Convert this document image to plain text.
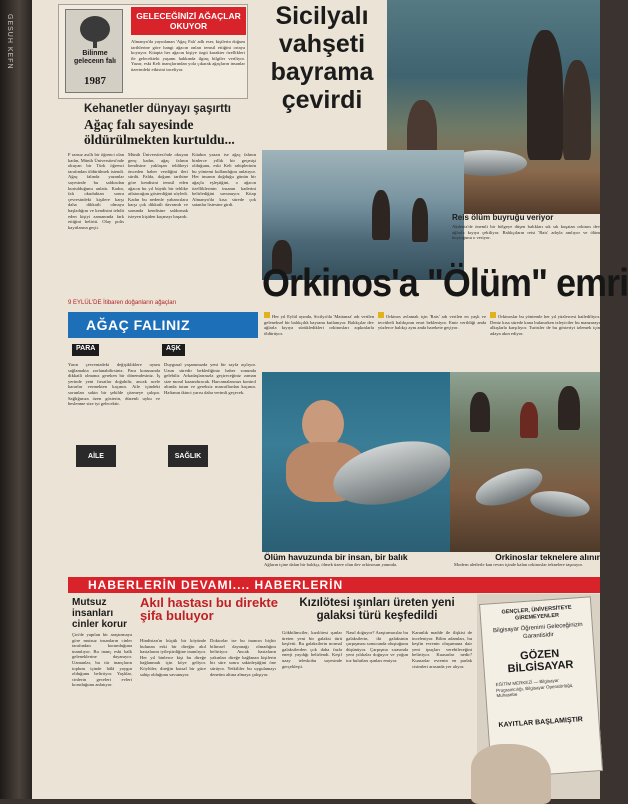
GESUH KEFN	Bilinme geleceıın falı
1987
GELECEĞİNİZİ AĞAÇLAR OKUYOR
Almanya'da yayınlanan 'Ağaç Falı' adlı eser, kişilerin doğum tarihlerine göre hangi ağacın onları temsil ettiğini ortaya koyuyor. Kitapta her ağacın kişiye özgü karakter özellikleri ile gelecekteki yaşamı hakkında ilginç bilgiler veriliyor. Yazar, eski Kelt inançlarından yola çıkarak ağaçların insanlar üzerindeki etkisini inceliyor.
Kehanetler dünyayı şaşırttı
Ağaç falı sayesinde öldürülmekten kurtuldu...
F ransız asıllı bir öğrenci olan kadın, Münih Üniversitesi'nde okuyan bir Türk öğrenci tarafından öldürülmek istendi. Ağaç falında yazanlar sayesinde bu saldırıdan kurtulduğunu anlattı. Kadın, falı okuduktan sonra çevresindeki kişilere karşı daha dikkatli olmaya başladığını ve kendisini tehdit eden kişiyi zamanında fark ettiğini belirtti. Olay polis kayıtlarına geçti.
Münih Üniversitesi'nde okuyan genç kadın, ağaç falının kendisine yaklaşan tehlikeyi önceden haber verdiğini ileri sürdü. Falda, doğum tarihine göre kendisini temsil eden ağacın bu yıl büyük bir tehlike atlatacağını gösterdiğini söyledi. Kadın bu nedenle yabancılara karşı çok dikkatli davrandı ve sonunda kendisine saldırmak isteyen kişiden kaçmayı başardı.
Kitabın yazarı ise ağaç falının binlerce yıllık bir geçmişi olduğunu, eski Kelt rahiplerinin bu yöntemi kullandığını anlatıyor. Her insanın doğduğu günün bir ağaçla eşleştiğini, o ağacın özelliklerinin insanın kaderini belirlediğini savunuyor. Kitap Almanya'da kısa sürede çok satanlar listesine girdi.
9 EYLÜL'DE İtibaren doğanların ağaçları
AĞAÇ FALINIZ
PARA	AŞK
Yarın çevrenizdeki değişikliklere uyum sağlamakta zorlanabilirsiniz. Para konusunda dikkatli olmanız gereken bir dönemdesiniz. İş yerinde yeni fırsatlar doğabilir, ancak acele kararlar vermekten kaçının. Aile içindeki sorunları sakin bir şekilde çözmeye çalışın. Sağlığınıza özen gösterin, düzenli uyku ve beslenme size iyi gelecektir.
Duygusal yaşamınızda yeni bir sayfa açılıyor. Uzun süredir beklediğiniz haber sonunda gelebilir. Arkadaşlarınızla geçireceğiniz zaman size moral kazandıracak. Harcamalarınızı kontrol altında tutun ve gereksiz masraflardan kaçının. Haftanın ikinci yarısı daha verimli geçecek.
AİLE	SAĞLIK
Sicilyalı vahşeti bayrama çevirdi
Reis ölüm buyruğu veriyor
Akdeniz'de önemli bir bölgeye düşen balıkları sık sık kuşatan orkinos dev ağlarla kıyıya çekiliyor. Balıkçıların reisi 'Rais' adıyla anılıyor ve ölüm buyruğunu o veriyor.
Orkinos'a "Ölüm" emri
Her yıl Eylül ayında, Sicilya'da 'Mattanza' adı verilen geleneksel bir balıkçılık bayramı kutlanıyor. Balıkçılar dev ağlarla kıyıya sürükledikleri orkinosları zıpkınlarla öldürüyor.
Orkinos avlamak için 'Rais' adı verilen en yaşlı ve tecrübeli balıkçının emri bekleniyor. Emir verildiği anda yüzlerce balıkçı aynı anda harekete geçiyor.
Orkinoslar bu yöntemle her yıl yüzlercesi katlediliyor. Deniz kısa sürede kana bulanırken izleyiciler bu manzarayı alkışlarla karşılıyor. Turistler de bu gösteriyi izlemek için adaya akın ediyor.
Ölüm havuzunda bir insan, bir balık	Orkinoslar teknelere alınır
Ağların içine dalan bir balıkçı, ölmek üzere olan dev orkinosun yanında.	Modern aletlerle kan revan içinde kalan orkinoslar teknelere taşınıyor.
HABERLERİN DEVAMI.... HABERLERİN
Mutsuz insanları cinler korur
Çin'de yapılan bir araştırmaya göre mutsuz insanların cinler tarafından korunduğuna inanılıyor. Bu inanç eski halk geleneklerine dayanıyor. Uzmanlar, bu tür inançların toplum içinde hâlâ yaygın olduğunu belirtiyor. Yaşlılar, cinlerin geceleri evleri koruduğunu anlatıyor.
Akıl hastası bu direkte şifa buluyor
Hindistan'ın küçük bir köyünde bulunan eski bir direğin akıl hastalarını iyileştirdiğine inanılıyor. Her yıl binlerce kişi bu direğe bağlanmak için köye geliyor. Köylüler, direğin kutsal bir güce sahip olduğunu savunuyor.
Doktorlar ise bu inancın hiçbir bilimsel dayanağı olmadığını belirtiyor. Ancak hastaların yakınları direğe bağlanan kişilerin bir süre sonra sakinleştiğini öne sürüyor. Yetkililer bu uygulamayı denetim altına almaya çalışıyor.
Kızılötesi ışınları üreten yeni galaksi türü keşfedildi
Gökbilimciler, kızılötesi ışınlar üreten yeni bir galaksi türü keşfetti. Bu galaksilerin normal galaksilerden çok daha fazla enerji yaydığı belirlendi. Keşif uzay teleskobu sayesinde gerçekleşti.
Nasıl doğuyor? Araştırmacılar bu galaksilerin, iki galaksinin çarpışması sonucunda oluştuğunu düşünüyor. Çarpışma sırasında yeni yıldızlar doğuyor ve yoğun toz bulutları ışınları emiyor.
Karanlık madde ile ilişkisi de inceleniyor. Bilim adamları, bu keşfin evrenin oluşumuna dair yeni ipuçları verebileceğini belirtiyor. Kuasarlar nedir? Kuasarlar evrenin en parlak cisimleri arasında yer alıyor.
GENÇLER, ÜNİVERSİTEYE GİREMEYENLER
Bilgisayar Öğrenimi Geleceğinizin Garantisidir
GÖZEN BİLGİSAYAR
EĞİTİM MERKEZİ — Bilgisayar Programcılığı, Bilgisayar Operatörlüğü, Muhasebe
KAYITLAR BAŞLAMIŞTIR
